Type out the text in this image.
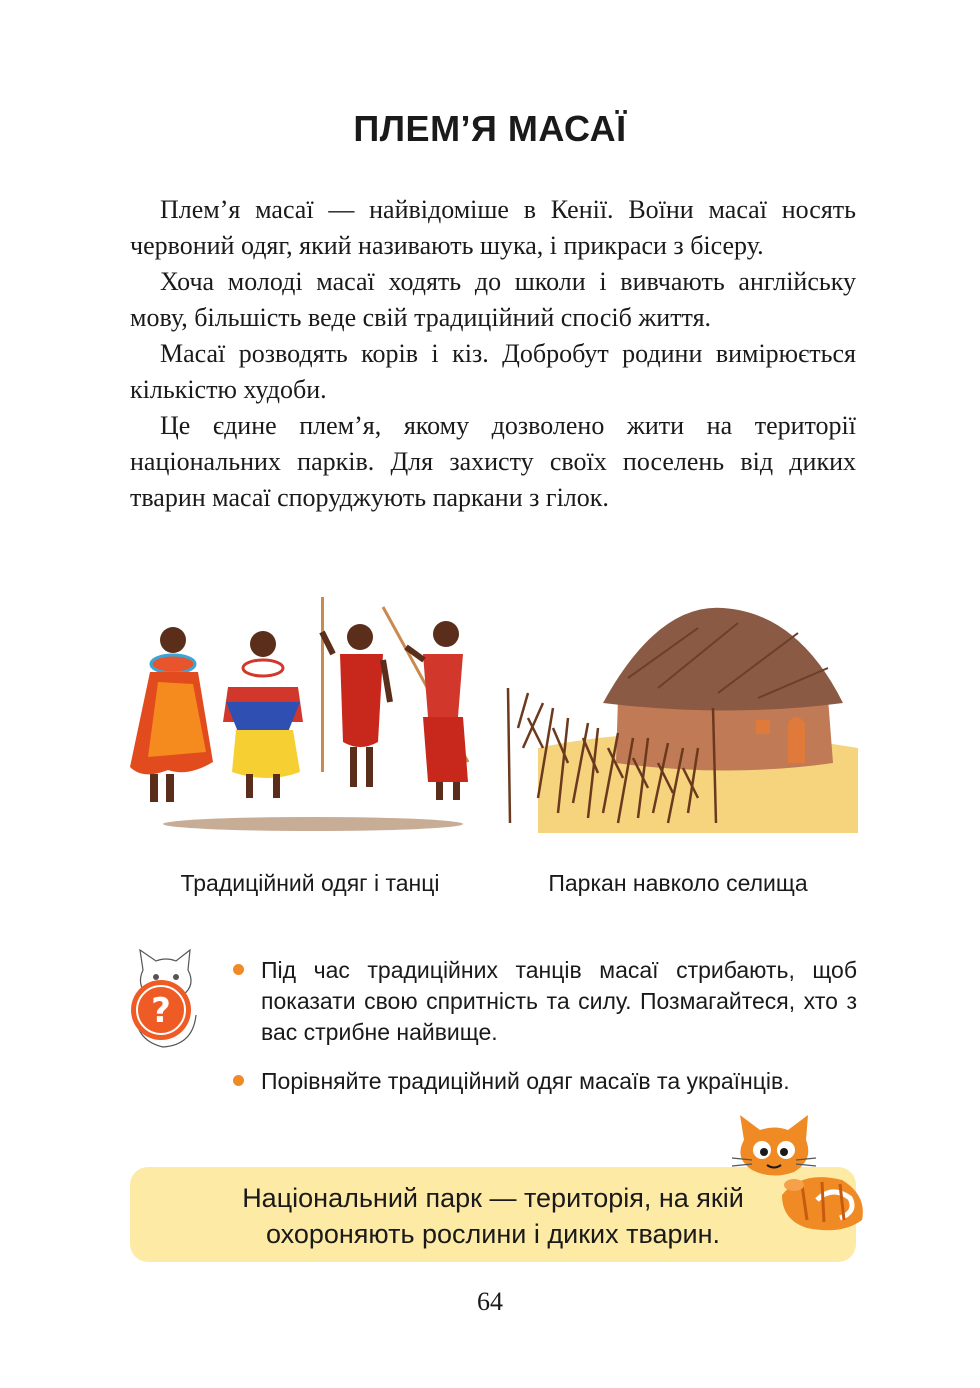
ПЛЕМ’Я МАСАЇ

Плем’я масаї — найвідоміше в Кенії. Воїни масаї носять червоний одяг, який називають шука, і прикраси з бісеру.

Хоча молоді масаї ходять до школи і вивчають англійську мову, більшість веде свій традиційний спосіб життя.

Масаї розводять корів і кіз. Добробут родини вимірюється кількістю худоби.

Це єдине плем’я, якому дозволено жити на території національних парків. Для захисту своїх поселень від диких тварин масаї споруджують паркани з гілок.

Традиційний одяг і танці	Паркан навколо селища
?
Під час традиційних танців масаї стрибають, щоб показати свою спритність та силу. Позмагайтеся, хто з вас стрибне найвище.
Порівняйте традиційний одяг масаїв та українців.
Національний парк — територія, на якій
охороняють рослини і диких тварин.
64
